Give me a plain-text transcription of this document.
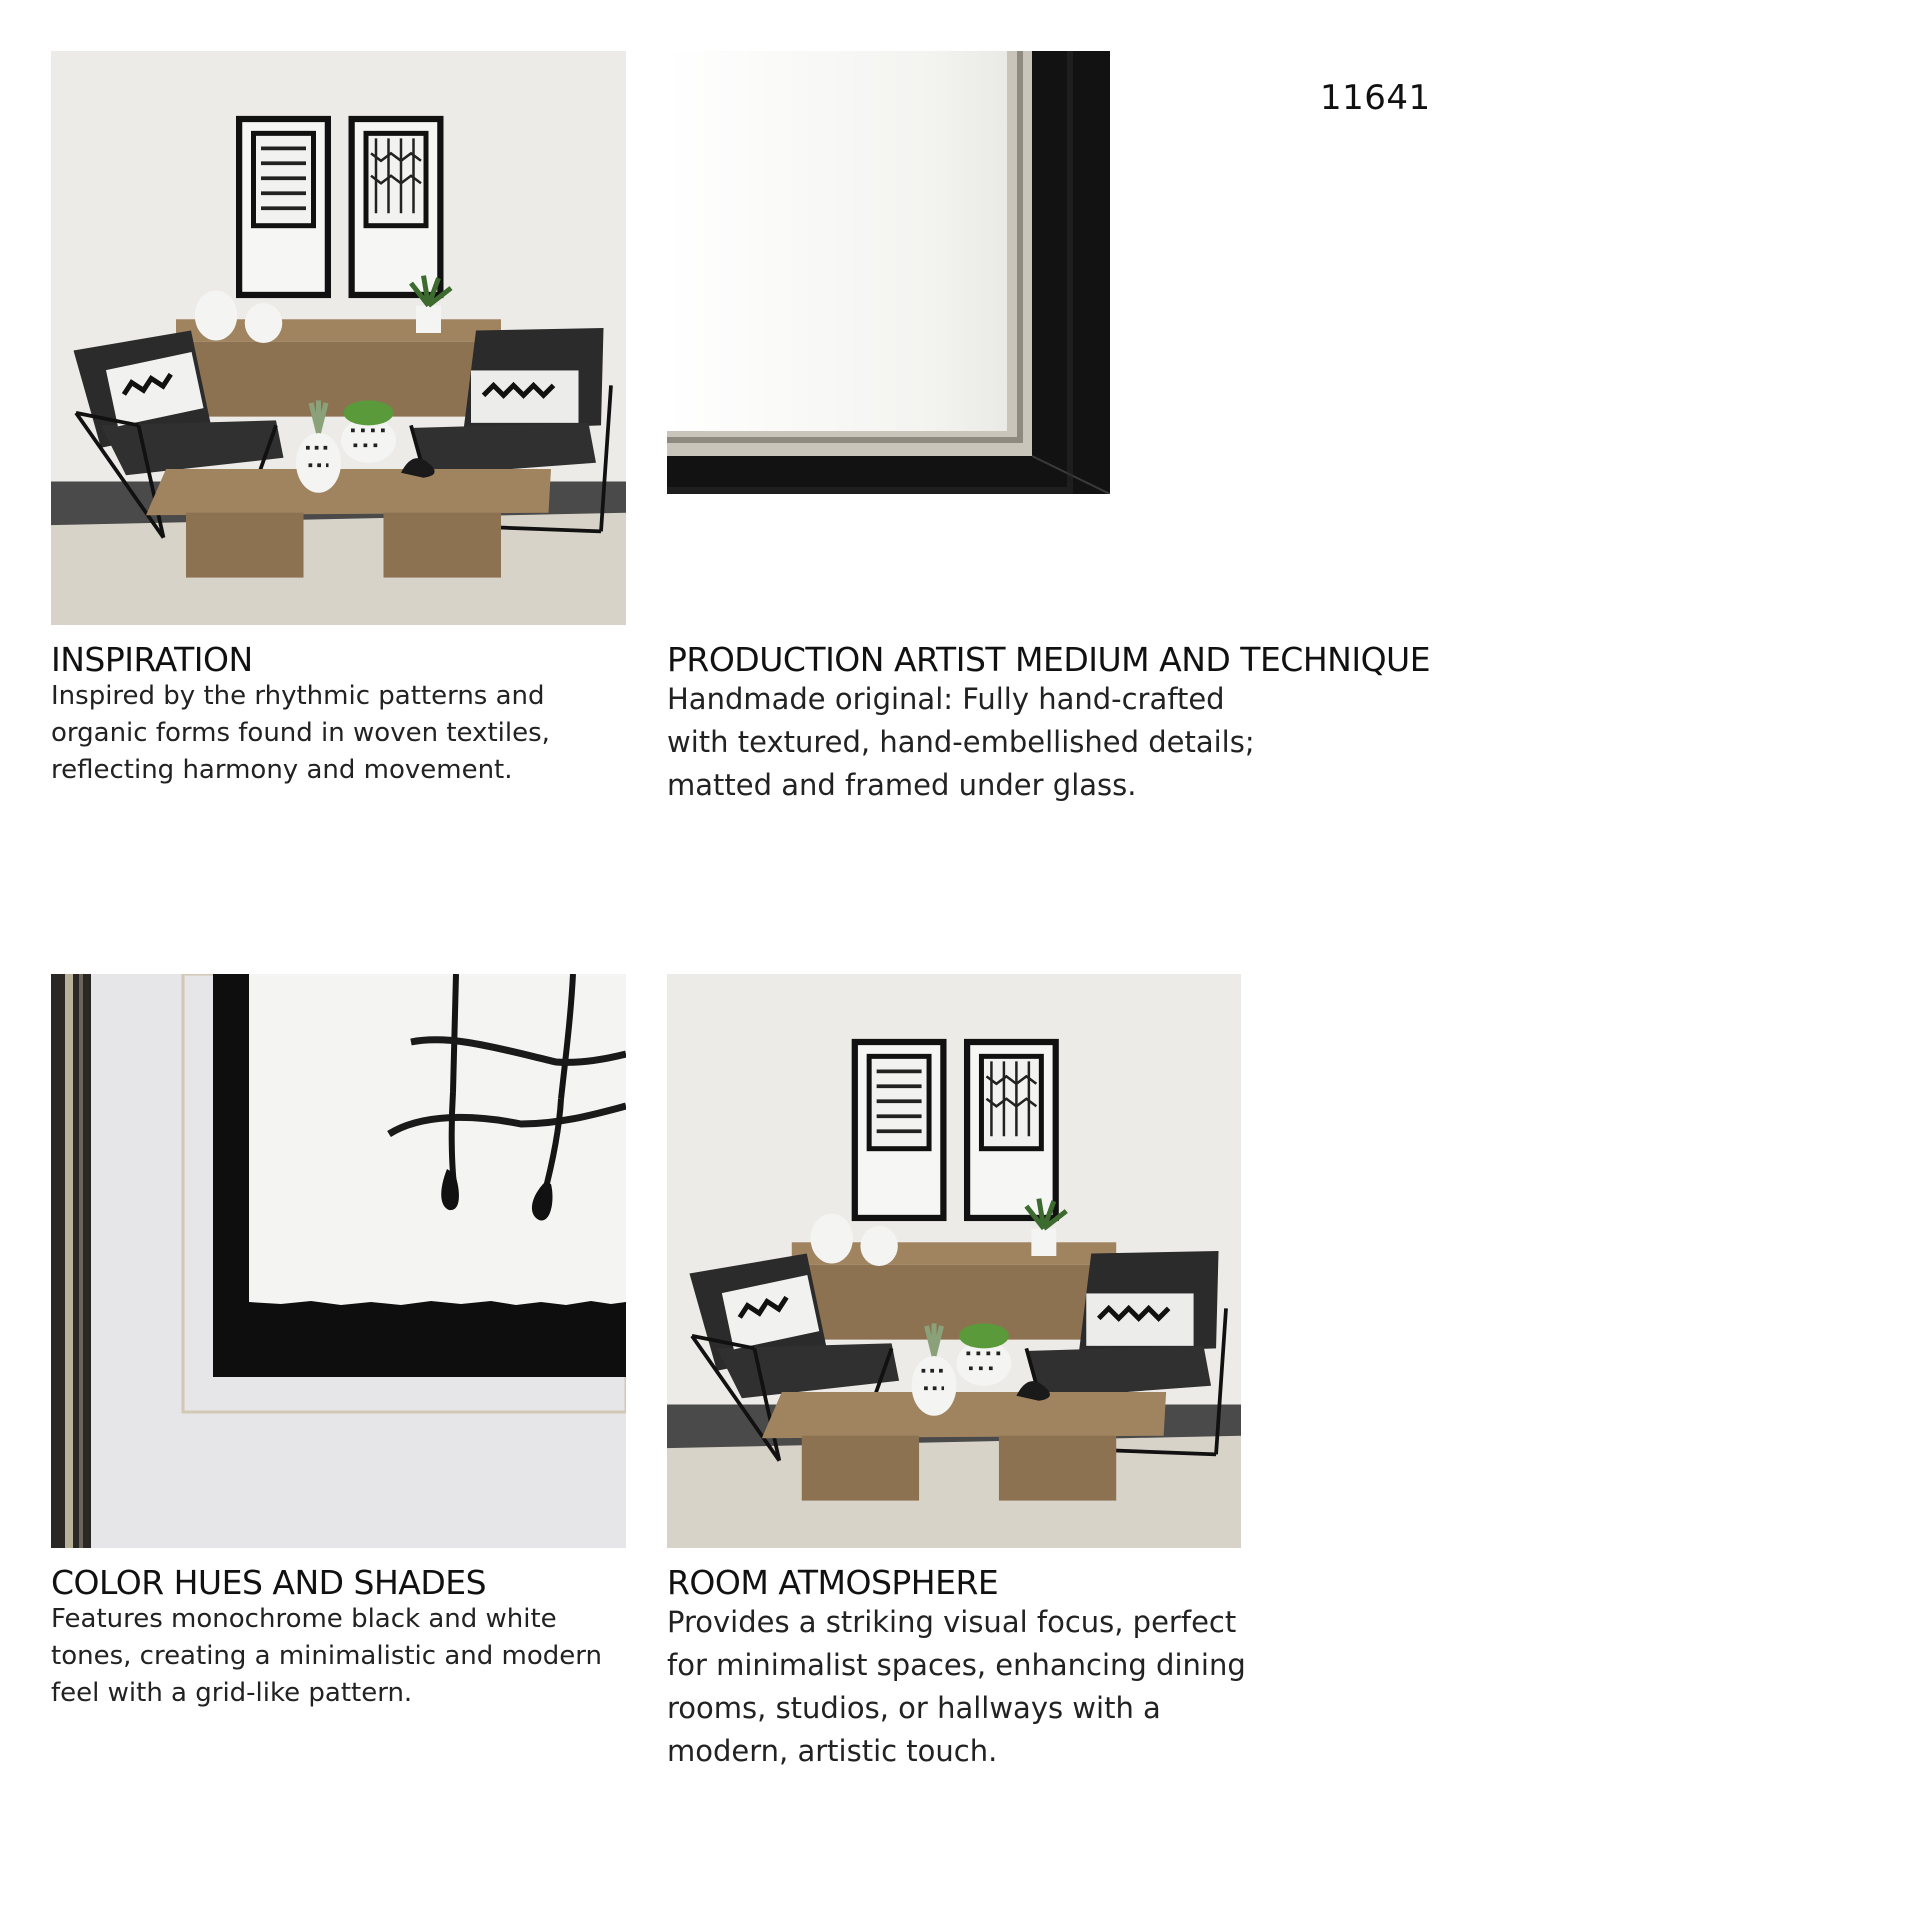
11641
INSPIRATION

Inspired by the rhythmic patterns and organic forms found in woven textiles, reflecting harmony and movement.

PRODUCTION ARTIST MEDIUM AND TECHNIQUE

Handmade original: Fully hand-crafted with textured, hand-embellished details; matted and framed under glass.

COLOR HUES AND SHADES

Features monochrome black and white tones, creating a minimalistic and modern feel with a grid-like pattern.

ROOM ATMOSPHERE

Provides a striking visual focus, perfect for minimalist spaces, enhancing dining rooms, studios, or hallways with a modern, artistic touch.
